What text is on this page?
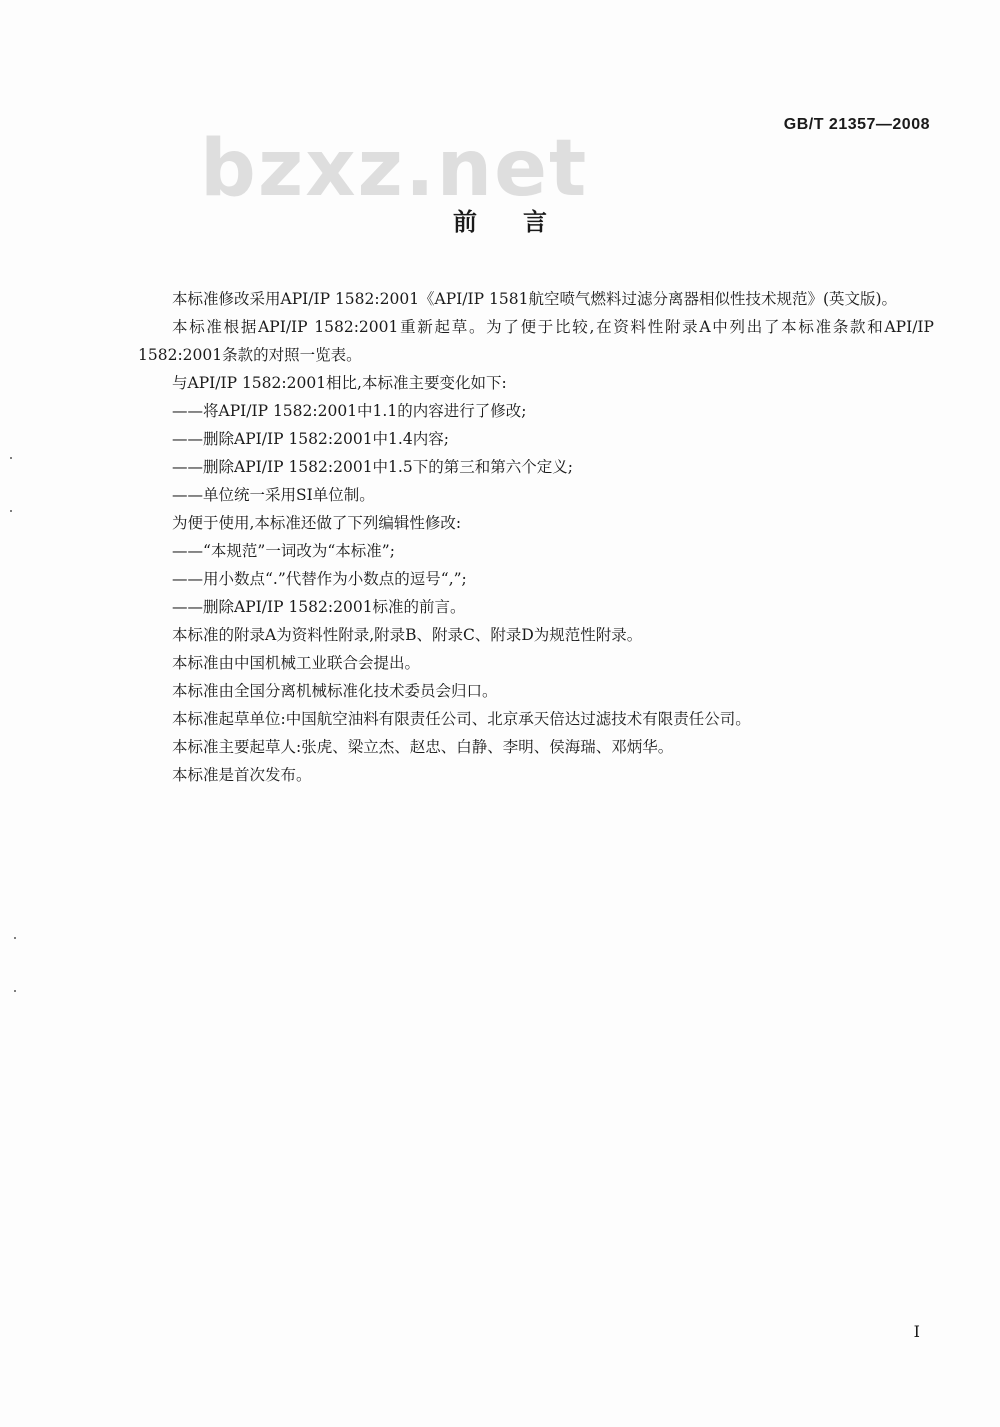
GB/T 21357—2008
bzxz.net
前言

本标准修改采用API/IP 1582:2001《API/IP 1581航空喷气燃料过滤分离器相似性技术规范》(英文版)。

本标准根据API/IP 1582:2001重新起草。为了便于比较,在资料性附录A中列出了本标准条款和API/IP 1582:2001条款的对照一览表。

与API/IP 1582:2001相比,本标准主要变化如下:

——将API/IP 1582:2001中1.1的内容进行了修改;

——删除API/IP 1582:2001中1.4内容;

——删除API/IP 1582:2001中1.5下的第三和第六个定义;

——单位统一采用SI单位制。

为便于使用,本标准还做了下列编辑性修改:

——“本规范”一词改为“本标准”;

——用小数点“.”代替作为小数点的逗号“,”;

——删除API/IP 1582:2001标准的前言。

本标准的附录A为资料性附录,附录B、附录C、附录D为规范性附录。

本标准由中国机械工业联合会提出。

本标准由全国分离机械标准化技术委员会归口。

本标准起草单位:中国航空油料有限责任公司、北京承天倍达过滤技术有限责任公司。

本标准主要起草人:张虎、梁立杰、赵忠、白静、李明、侯海瑞、邓炳华。

本标准是首次发布。

I
